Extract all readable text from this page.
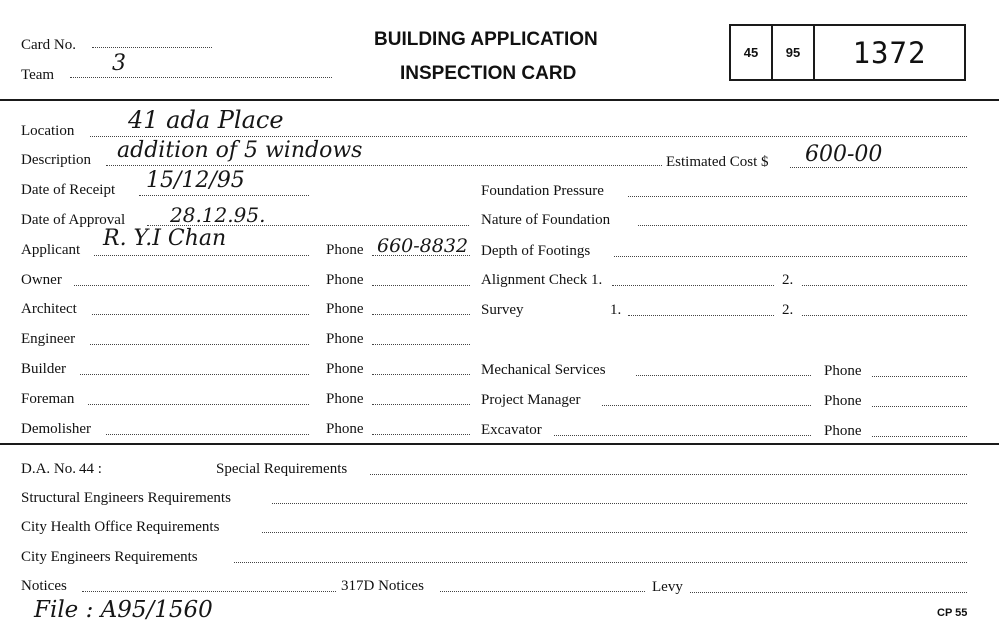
Card No.
Team	3
BUILDING APPLICATION
INSPECTION CARD
45	95	1372
Location 41 ada Place
Description addition of 5 windows	Estimated Cost $ 600-00
Date of Receipt 15/12/95	Foundation Pressure
Date of Approval 28.12.95.	Nature of Foundation
Applicant R. Y.I Chan	Phone 660-8832 Depth of Footings
Owner	Phone	Alignment Check 1.	2.
Architect	Phone	Survey	1.	2.
Engineer	Phone
Builder	Phone	Mechanical Services	Phone
Foreman	Phone	Project Manager	Phone
Demolisher	Phone	Excavator	Phone
D.A. No. 44 :	Special Requirements
Structural Engineers Requirements
City Health Office Requirements
City Engineers Requirements
Notices	317D Notices	Levy
File : A95/1560	CP 55
